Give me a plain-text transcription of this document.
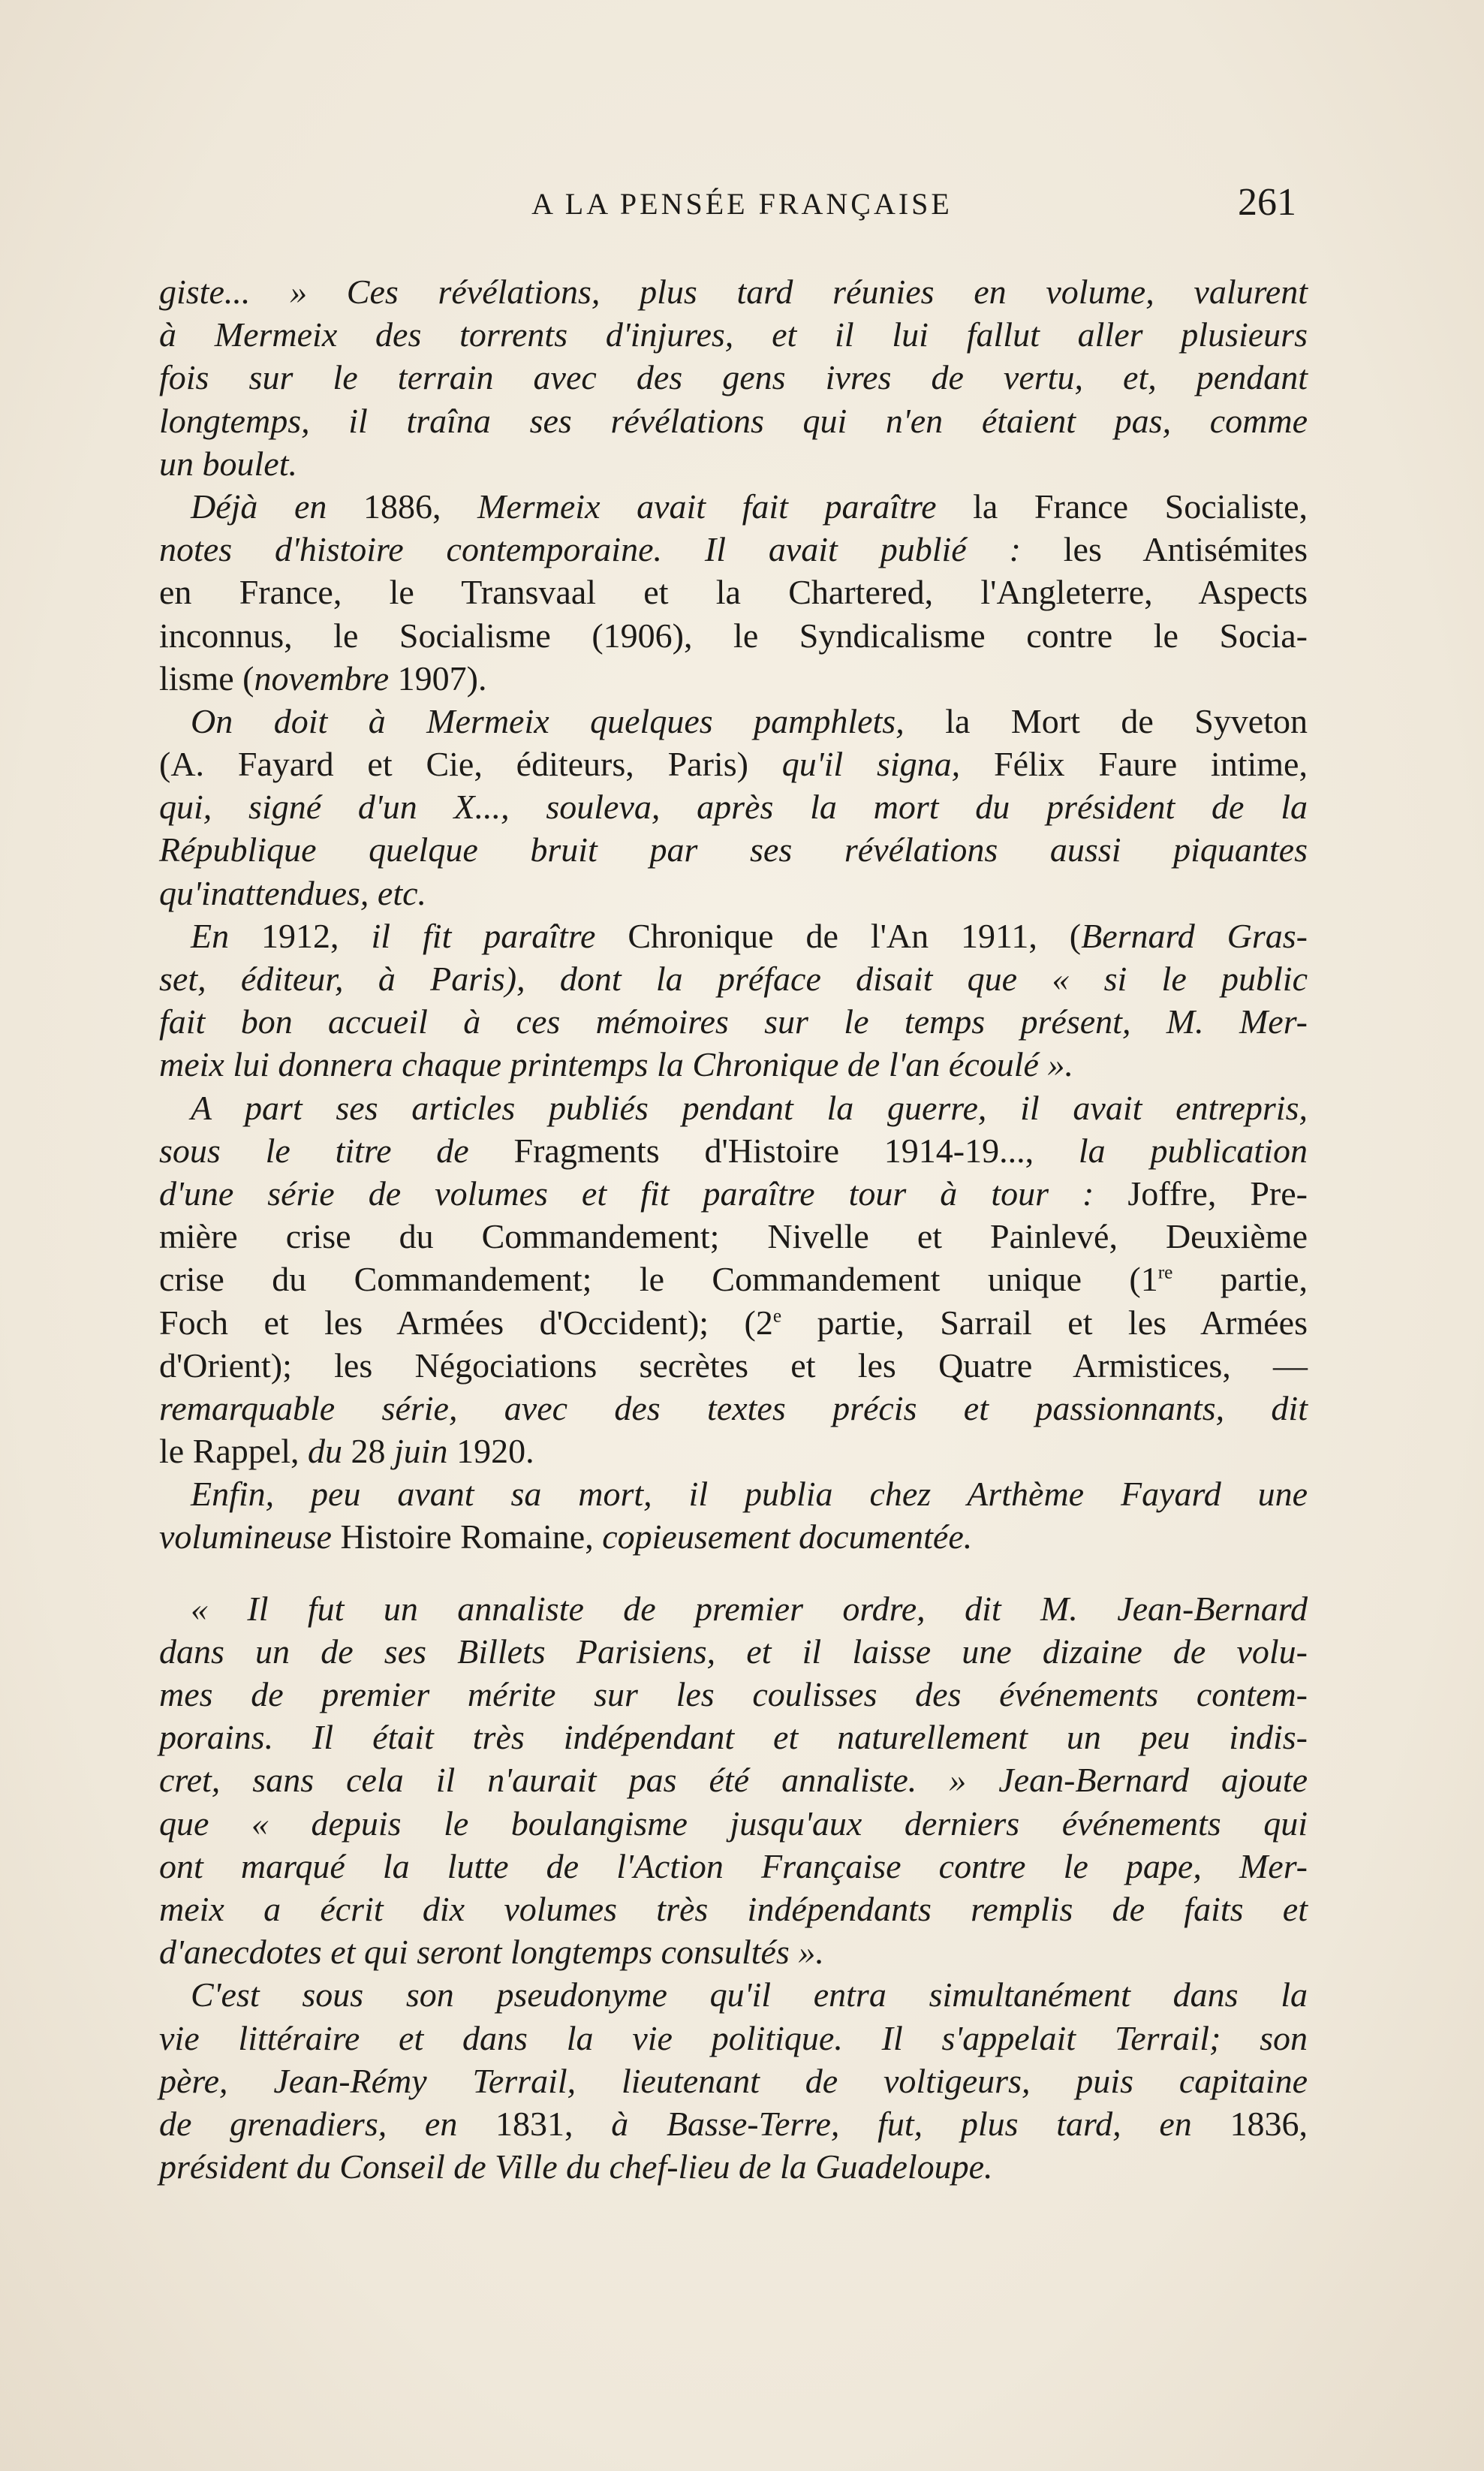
A LA PENSÉE FRANÇAISE	261
giste... » Ces révélations, plus tard réunies en volume, valurent
à Mermeix des torrents d'injures, et il lui fallut aller plusieurs
fois sur le terrain avec des gens ivres de vertu, et, pendant
longtemps, il traîna ses révélations qui n'en étaient pas, comme
un boulet.
Déjà en 1886, Mermeix avait fait paraître la France Socialiste,
notes d'histoire contemporaine. Il avait publié : les Antisémites
en France, le Transvaal et la Chartered, l'Angleterre, Aspects
inconnus, le Socialisme (1906), le Syndicalisme contre le Socia-
lisme (novembre 1907).
On doit à Mermeix quelques pamphlets, la Mort de Syveton
(A. Fayard et Cie, éditeurs, Paris) qu'il signa, Félix Faure intime,
qui, signé d'un X..., souleva, après la mort du président de la
République quelque bruit par ses révélations aussi piquantes
qu'inattendues, etc.
En 1912, il fit paraître Chronique de l'An 1911, (Bernard Gras-
set, éditeur, à Paris), dont la préface disait que « si le public
fait bon accueil à ces mémoires sur le temps présent, M. Mer-
meix lui donnera chaque printemps la Chronique de l'an écoulé ».
A part ses articles publiés pendant la guerre, il avait entrepris,
sous le titre de Fragments d'Histoire 1914-19..., la publication
d'une série de volumes et fit paraître tour à tour : Joffre, Pre-
mière crise du Commandement; Nivelle et Painlevé, Deuxième
crise du Commandement; le Commandement unique (1re partie,
Foch et les Armées d'Occident); (2e partie, Sarrail et les Armées
d'Orient); les Négociations secrètes et les Quatre Armistices, —
remarquable série, avec des textes précis et passionnants, dit
le Rappel, du 28 juin 1920.
Enfin, peu avant sa mort, il publia chez Arthème Fayard une
volumineuse Histoire Romaine, copieusement documentée.
« Il fut un annaliste de premier ordre, dit M. Jean-Bernard
dans un de ses Billets Parisiens, et il laisse une dizaine de volu-
mes de premier mérite sur les coulisses des événements contem-
porains. Il était très indépendant et naturellement un peu indis-
cret, sans cela il n'aurait pas été annaliste. » Jean-Bernard ajoute
que « depuis le boulangisme jusqu'aux derniers événements qui
ont marqué la lutte de l'Action Française contre le pape, Mer-
meix a écrit dix volumes très indépendants remplis de faits et
d'anecdotes et qui seront longtemps consultés ».
C'est sous son pseudonyme qu'il entra simultanément dans la
vie littéraire et dans la vie politique. Il s'appelait Terrail; son
père, Jean-Rémy Terrail, lieutenant de voltigeurs, puis capitaine
de grenadiers, en 1831, à Basse-Terre, fut, plus tard, en 1836,
président du Conseil de Ville du chef-lieu de la Guadeloupe.
